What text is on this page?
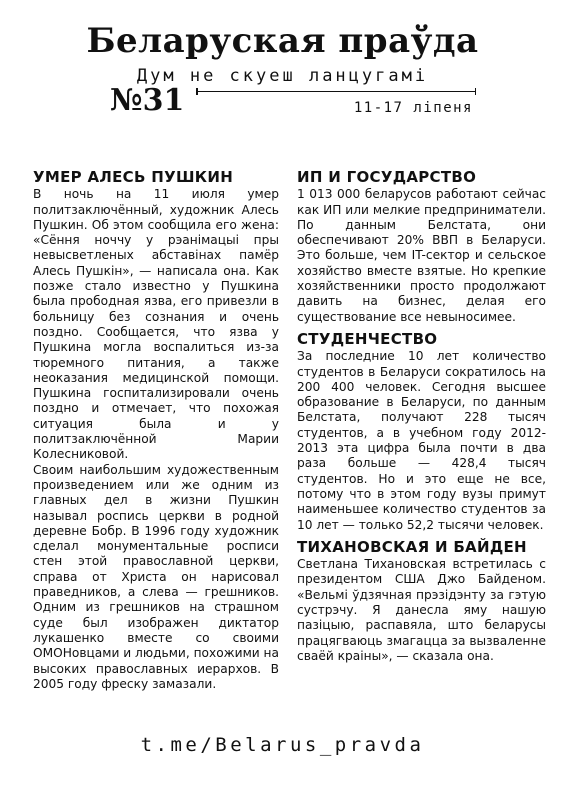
Беларуская праўда
Дум не скуеш ланцугамі
№31	11-17 ліпеня
УМЕР АЛЕСЬ ПУШКИН

В ночь на 11 июля умер политзаключённый, художник Алесь Пушкин. Об этом сообщила его жена: «Сёння ноччу у рэанімацыі пры невысветленых абставінах памёр Алесь Пушкін», — написала она. Как позже стало известно у Пушкина была прободная язва, его привезли в больницу без сознания и очень поздно. Сообщается, что язва у Пушкина могла воспалиться из-за тюремного питания, а также неоказания медицинской помощи. Пушкина госпитализировали очень поздно и отмечает, что похожая ситуация была и у политзаключённой Марии Колесниковой.
Своим наибольшим художественным произведением или же одним из главных дел в жизни Пушкин называл роспись церкви в родной деревне Бобр. В 1996 году художник сделал монументальные росписи стен этой православной церкви, справа от Христа он нарисовал праведников, а слева — грешников. Одним из грешников на страшном суде был изображен диктатор лукашенко вместе со своими ОМОНовцами и людьми, похожими на высоких православных иерархов. В 2005 году фреску замазали.

ИП И ГОСУДАРСТВО

1 013 000 беларусов работают сейчас как ИП или мелкие предприниматели. По данным Белстата, они обеспечивают 20% ВВП в Беларуси. Это больше, чем IT-сектор и сельское хозяйство вместе взятые. Но крепкие хозяйственники просто продолжают давить на бизнес, делая его существование все невыносимее.

СТУДЕНЧЕСТВО

За последние 10 лет количество студентов в Беларуси сократилось на 200 400 человек. Сегодня высшее образование в Беларуси, по данным Белстата, получают 228 тысяч студентов, а в учебном году 2012-2013 эта цифра была почти в два раза больше — 428,4 тысяч студентов. Но и это еще не все, потому что в этом году вузы примут наименьшее количество студентов за 10 лет — только 52,2 тысячи человек.

ТИХАНОВСКАЯ И БАЙДЕН

Светлана Тихановская встретилась с президентом США Джо Байденом. «Вельмі ўдзячная прэзідэнту за гэтую сустрэчу. Я данесла яму нашую пазіцыю, распавяла, што беларусы працягваюць змагацца за вызваленне сваёй краіны», — сказала она.

t.me/Belarus_pravda
